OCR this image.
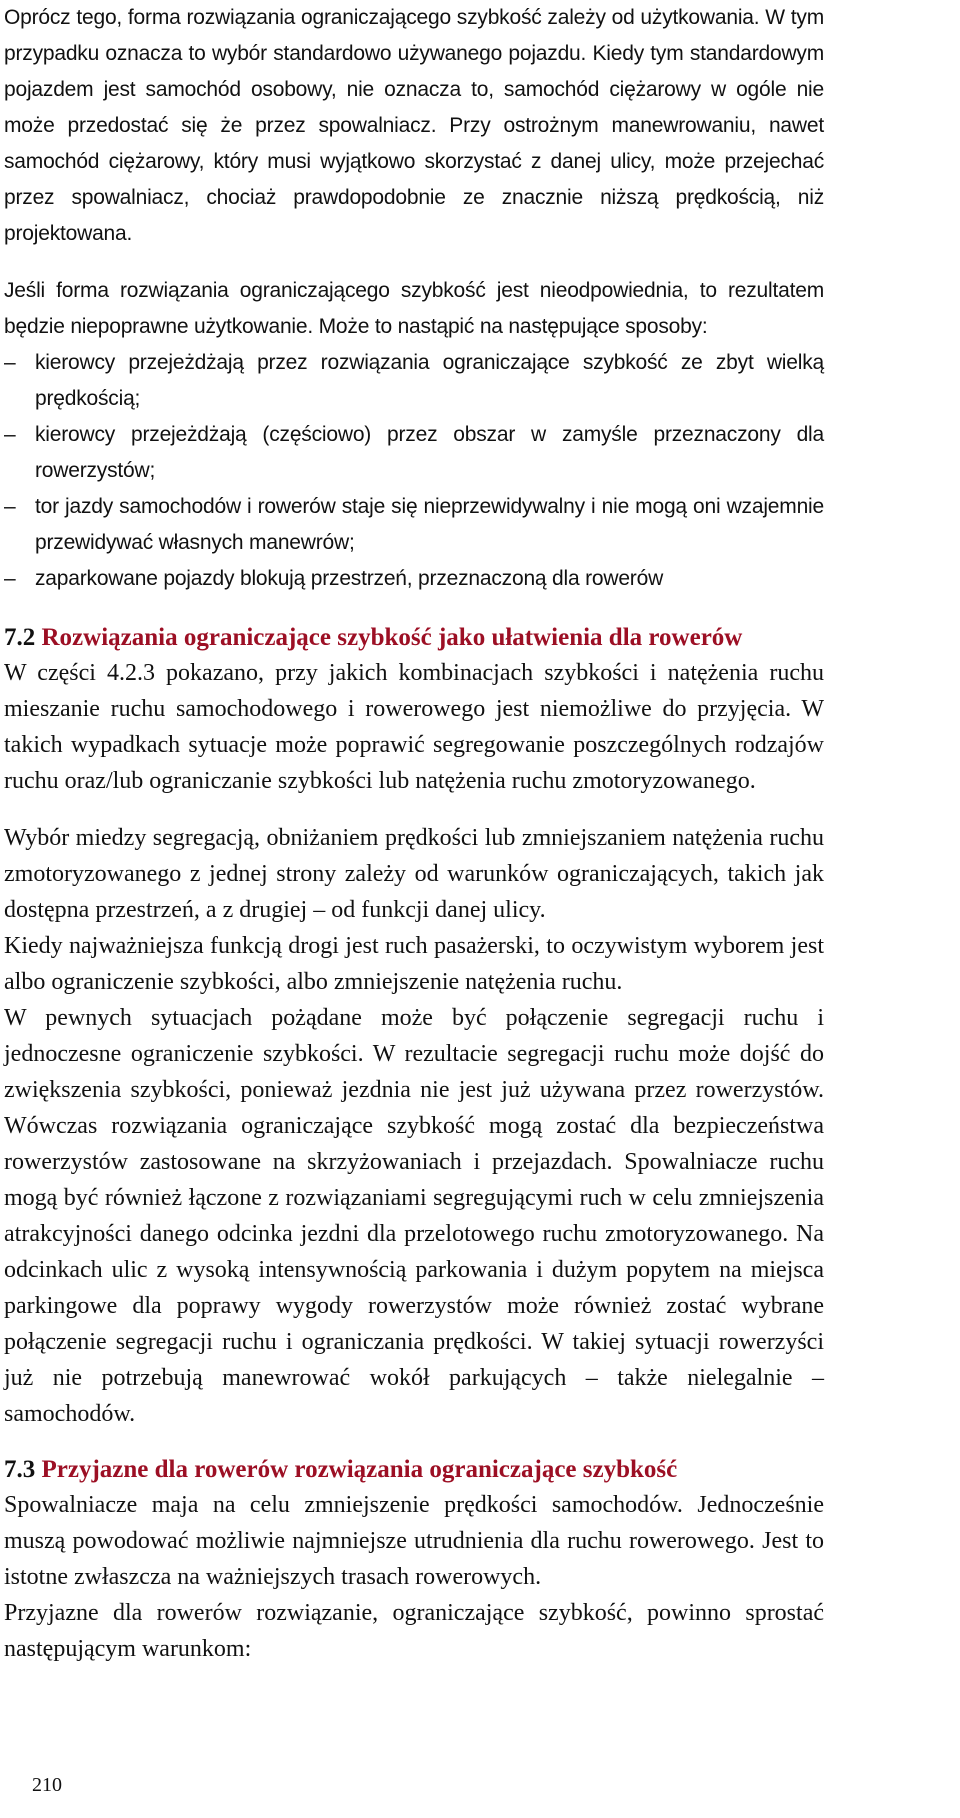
Oprócz tego, forma rozwiązania ograniczającego szybkość zależy od użytkowania. W tym przypadku oznacza to wybór standardowo używanego pojazdu. Kiedy tym standardowym pojazdem jest samochód osobowy, nie oznacza to, samochód ciężarowy w ogóle nie może przedostać się że przez spowalniacz. Przy ostrożnym manewrowaniu, nawet samochód ciężarowy, który musi wyjątkowo skorzystać z danej ulicy, może przejechać przez spowalniacz, chociaż prawdopodobnie ze znacznie niższą prędkością, niż projektowana.

Jeśli forma rozwiązania ograniczającego szybkość jest nieodpowiednia, to rezultatem będzie niepoprawne użytkowanie. Może to nastąpić na następujące sposoby:

– kierowcy przejeżdżają przez rozwiązania ograniczające szybkość ze zbyt wielką prędkością;
– kierowcy przejeżdżają (częściowo) przez obszar w zamyśle przeznaczony dla rowerzystów;
– tor jazdy samochodów i rowerów staje się nieprzewidywalny i nie mogą oni wzajemnie przewidywać własnych manewrów;
– zaparkowane pojazdy blokują przestrzeń, przeznaczoną dla rowerów
7.2 Rozwiązania ograniczające szybkość jako ułatwienia dla rowerów

W części 4.2.3 pokazano, przy jakich kombinacjach szybkości i natężenia ruchu mieszanie ruchu samochodowego i rowerowego jest niemożliwe do przyjęcia. W takich wypadkach sytuacje może poprawić segregowanie poszczególnych rodzajów ruchu oraz/lub ograniczanie szybkości lub natężenia ruchu zmotoryzowanego.

Wybór miedzy segregacją, obniżaniem prędkości lub zmniejszaniem natężenia ruchu zmotoryzowanego z jednej strony zależy od warunków ograniczających, takich jak dostępna przestrzeń, a z drugiej – od funkcji danej ulicy.

Kiedy najważniejsza funkcją drogi jest ruch pasażerski, to oczywistym wyborem jest albo ograniczenie szybkości, albo zmniejszenie natężenia ruchu.

W pewnych sytuacjach pożądane może być połączenie segregacji ruchu i jednoczesne ograniczenie szybkości. W rezultacie segregacji ruchu może dojść do zwiększenia szybkości, ponieważ jezdnia nie jest już używana przez rowerzystów. Wówczas rozwiązania ograniczające szybkość mogą zostać dla bezpieczeństwa rowerzystów zastosowane na skrzyżowaniach i przejazdach. Spowalniacze ruchu mogą być również łączone z rozwiązaniami segregującymi ruch w celu zmniejszenia atrakcyjności danego odcinka jezdni dla przelotowego ruchu zmotoryzowanego. Na odcinkach ulic z wysoką intensywnością parkowania i dużym popytem na miejsca parkingowe dla poprawy wygody rowerzystów może również zostać wybrane połączenie segregacji ruchu i ograniczania prędkości. W takiej sytuacji rowerzyści już nie potrzebują manewrować wokół parkujących – także nielegalnie – samochodów.

7.3 Przyjazne dla rowerów rozwiązania ograniczające szybkość

Spowalniacze maja na celu zmniejszenie prędkości samochodów. Jednocześnie muszą powodować możliwie najmniejsze utrudnienia dla ruchu rowerowego. Jest to istotne zwłaszcza na ważniejszych trasach rowerowych.

Przyjazne dla rowerów rozwiązanie, ograniczające szybkość, powinno sprostać następującym warunkom:

210
